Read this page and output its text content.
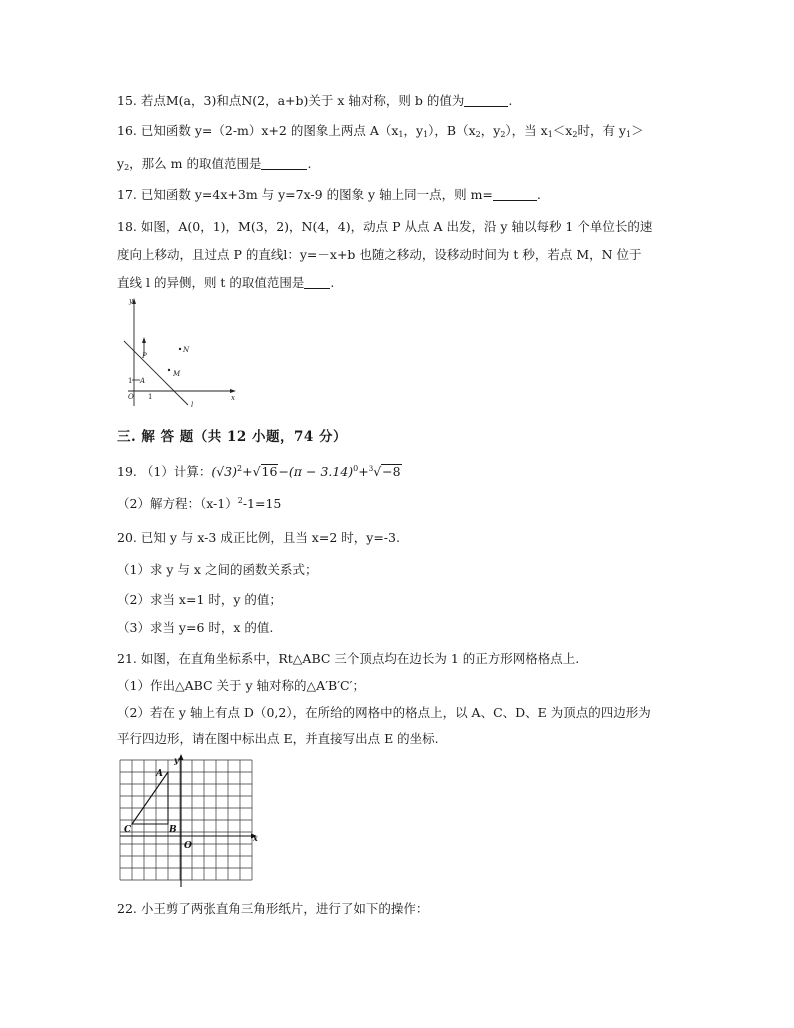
15. 若点M(a，3)和点N(2，a+b)关于 x 轴对称，则 b 的值为	.
16. 已知函数 y=（2-m）x+2 的图象上两点 $A(x_1$，$y_1$），$B(x_2$，$y_2$），当 $x_1<x_2$时，有 $y_1>$
$y_2$，那么 m 的取值范围是	.
17. 已知函数 y=4x+3m 与 y=7x-9 的图象 y 轴上同一点，则 m=	.
18. 如图，A(0，1)，M(3，2)，N(4，4)，动点 P 从点 A 出发，沿 y 轴以每秒 1 个单位长的速
度向上移动，且过点 P 的直线l：y=－x+b 也随之移动，设移动时间为 t 秒，若点 M，N 位于
直线 l 的异侧，则 t 的取值范围是 .
y
x
P
N
M
A
1
1
O
l
三. 解 答 题（共 12 小题，74 分）
19. （1）计算：$(√3)^2+√16-(\pi - 3.14)^0+^3√-8$
（2）解方程：$(x-1)^2-1=15$
20. 已知 y 与 x-3 成正比例，且当 x=2 时，y=-3.
（1）求 y 与 x 之间的函数关系式；
（2）求当 x=1 时，y 的值；
（3）求当 y=6 时，x 的值.
21. 如图，在直角坐标系中，Rt△ABC 三个顶点均在边长为 1 的正方形网格格点上.
（1）作出△ABC 关于 y 轴对称的△A′B′C′；
（2）若在 y 轴上有点 D（0,2），在所给的网格中的格点上，以 A、C、D、E 为顶点的四边形为
平行四边形，请在图中标出点 E，并直接写出点 E 的坐标.
A
B
C
O
y
x
22. 小王剪了两张直角三角形纸片，进行了如下的操作：
